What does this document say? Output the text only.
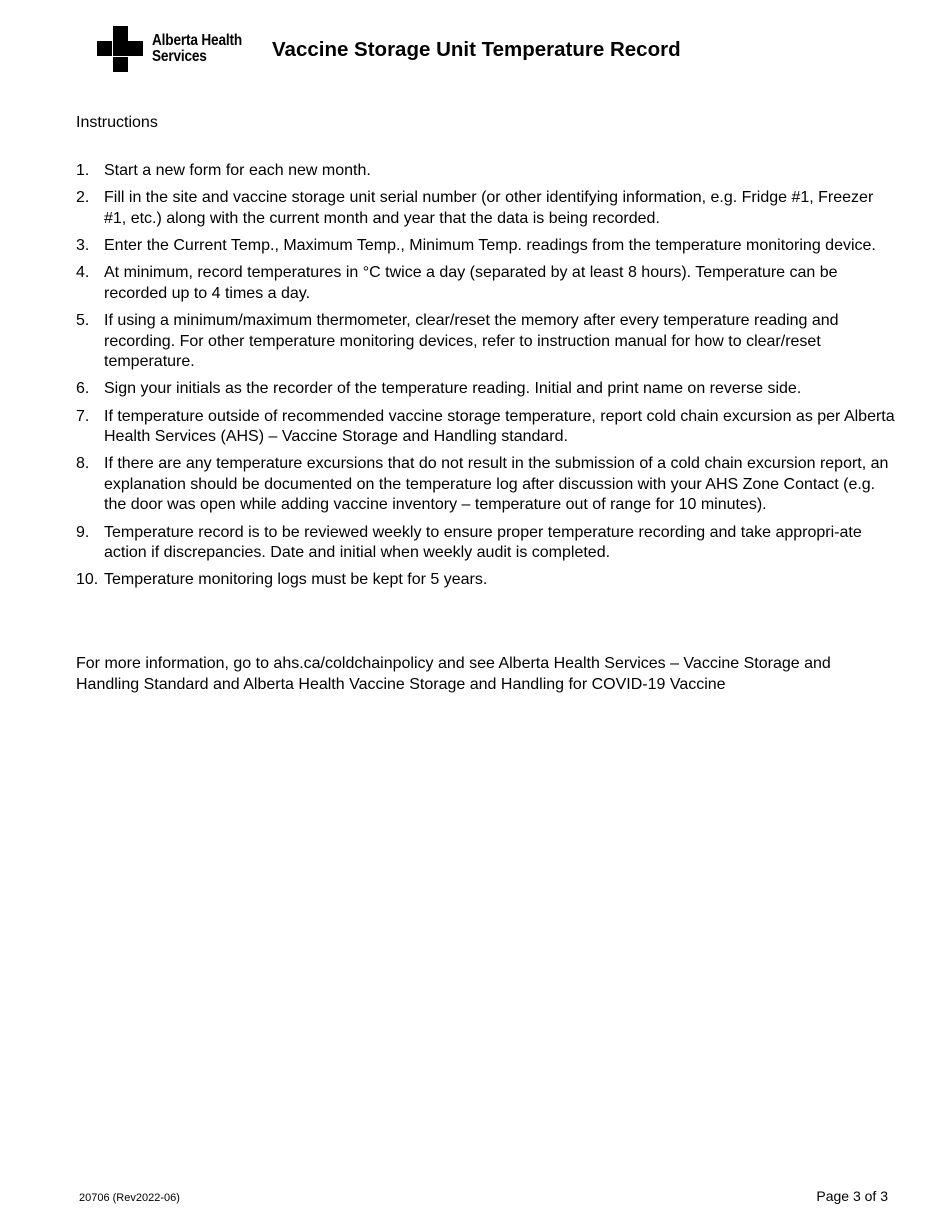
Alberta Health
Services	Vaccine Storage Unit Temperature Record
Instructions
1. Start a new form for each new month.
2. Fill in the site and vaccine storage unit serial number (or other identifying information, e.g. Fridge #1, Freezer #1, etc.) along with the current month and year that the data is being recorded.
3. Enter the Current Temp., Maximum Temp., Minimum Temp. readings from the temperature monitoring device.
4. At minimum, record temperatures in °C twice a day (separated by at least 8 hours). Temperature can be recorded up to 4 times a day.
5. If using a minimum/maximum thermometer, clear/reset the memory after every temperature reading and recording. For other temperature monitoring devices, refer to instruction manual for how to clear/reset temperature.
6. Sign your initials as the recorder of the temperature reading. Initial and print name on reverse side.
7. If temperature outside of recommended vaccine storage temperature, report cold chain excursion as per Alberta Health Services (AHS) – Vaccine Storage and Handling standard.
8. If there are any temperature excursions that do not result in the submission of a cold chain excursion report, an explanation should be documented on the temperature log after discussion with your AHS Zone Contact (e.g. the door was open while adding vaccine inventory – temperature out of range for 10 minutes).
9. Temperature record is to be reviewed weekly to ensure proper temperature recording and take appropri-ate action if discrepancies. Date and initial when weekly audit is completed.
10. Temperature monitoring logs must be kept for 5 years.

For more information, go to ahs.ca/coldchainpolicy and see Alberta Health Services – Vaccine Storage and Handling Standard and Alberta Health Vaccine Storage and Handling for COVID-19 Vaccine

20706 (Rev2022-06)	Page 3 of 3
